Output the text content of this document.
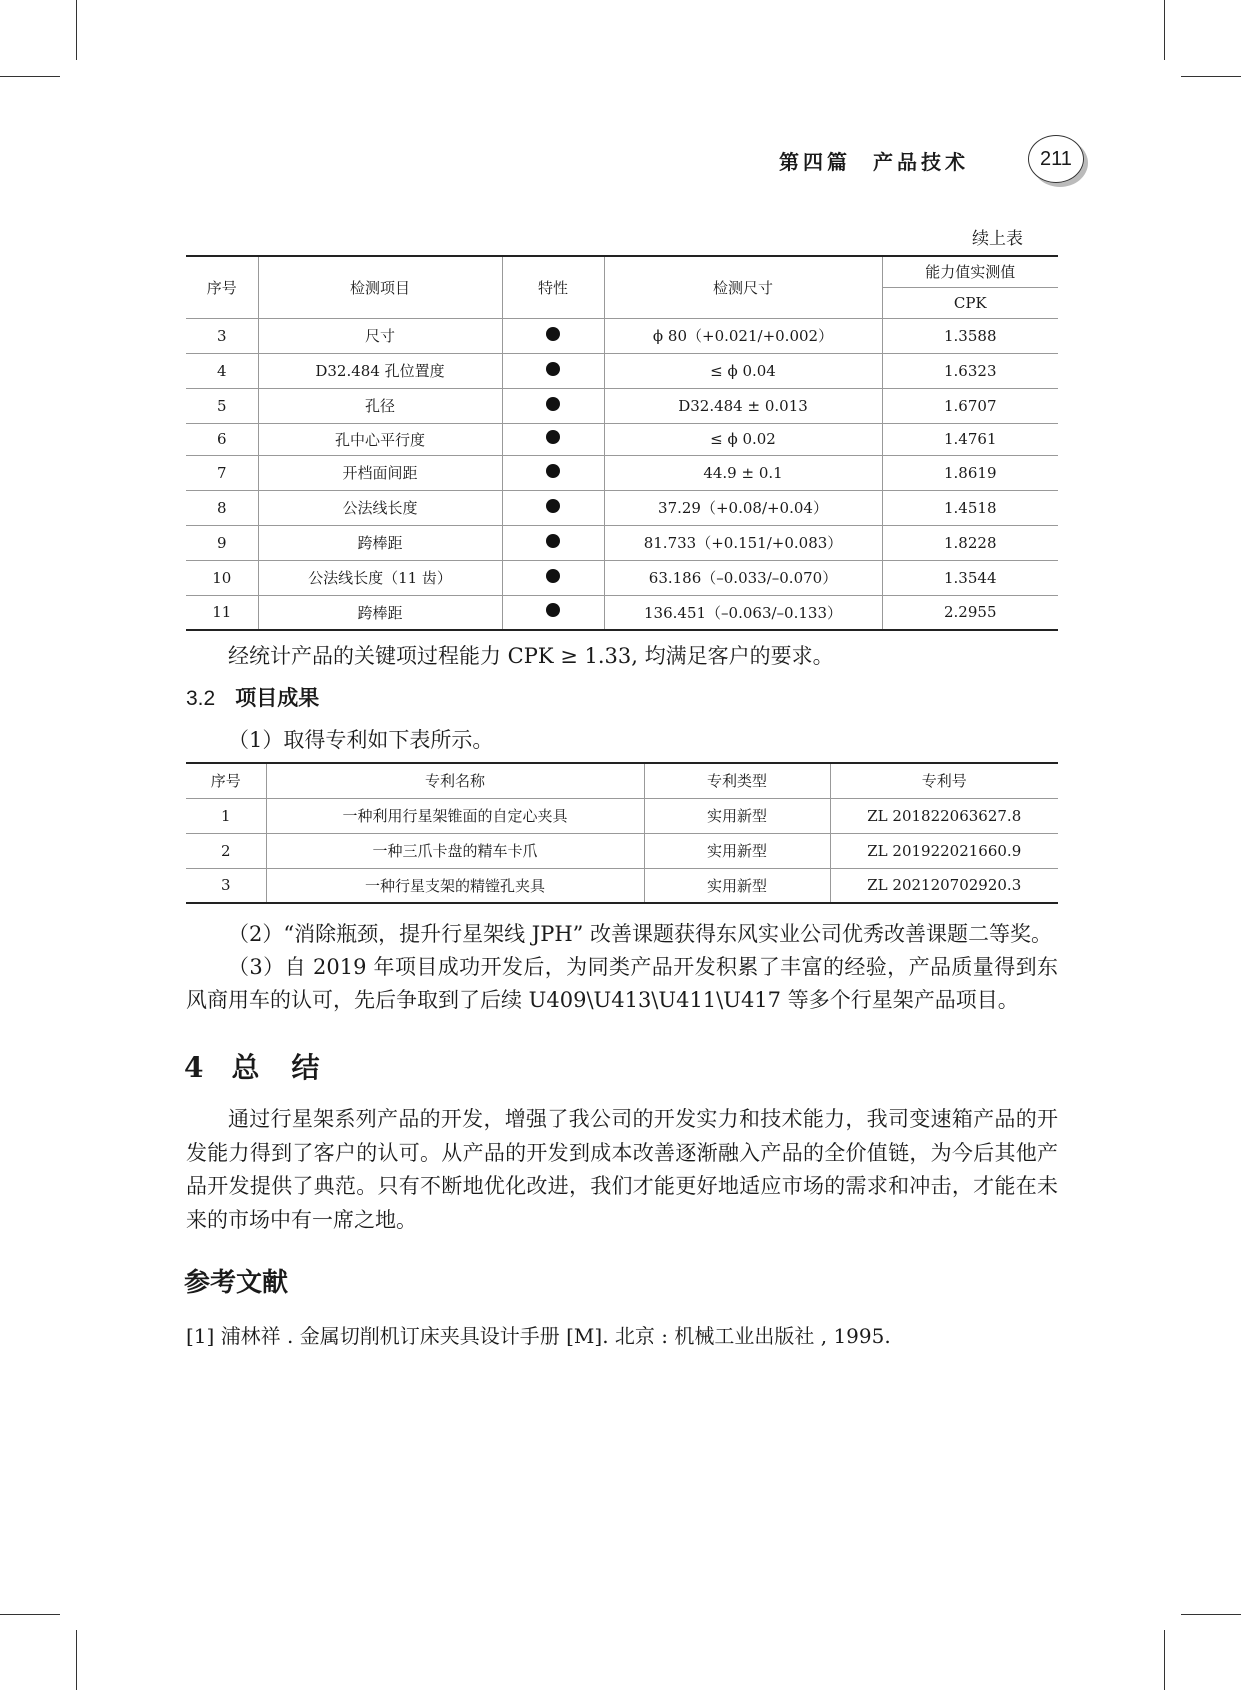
第四篇 产品技术	211
续上表
序号	检测项目	特性	检测尺寸	能力值实测值
				CPK
3	尺寸		ϕ 80（+0.021/+0.002）	1.3588
4	D32.484 孔位置度		≤ ϕ 0.04	1.6323
5	孔径		D32.484 ± 0.013	1.6707
6	孔中心平行度		≤ ϕ 0.02	1.4761
7	开档面间距		44.9 ± 0.1	1.8619
8	公法线长度		37.29（+0.08/+0.04）	1.4518
9	跨棒距		81.733（+0.151/+0.083）	1.8228
10	公法线长度（11 齿）		63.186（–0.033/–0.070）	1.3544
11	跨棒距		136.451（–0.063/–0.133）	2.2955
经统计产品的关键项过程能力 CPK ≥ 1.33, 均满足客户的要求。
3.2 项目成果
（1）取得专利如下表所示。
序号	专利名称	专利类型	专利号
1	一种利用行星架锥面的自定心夹具	实用新型	ZL 201822063627.8
2	一种三爪卡盘的精车卡爪	实用新型	ZL 201922021660.9
3	一种行星支架的精镗孔夹具	实用新型	ZL 202120702920.3
（2）“消除瓶颈，提升行星架线 JPH” 改善课题获得东风实业公司优秀改善课题二等奖。
（3）自 2019 年项目成功开发后，为同类产品开发积累了丰富的经验，产品质量得到东风商用车的认可，先后争取到了后续 U409\U413\U411\U417 等多个行星架产品项目。
4 总　结
通过行星架系列产品的开发，增强了我公司的开发实力和技术能力，我司变速箱产品的开发能力得到了客户的认可。从产品的开发到成本改善逐渐融入产品的全价值链，为今后其他产品开发提供了典范。只有不断地优化改进，我们才能更好地适应市场的需求和冲击，才能在未来的市场中有一席之地。
参考文献
[1] 浦林祥 . 金属切削机订床夹具设计手册 [M]. 北京 : 机械工业出版社 , 1995.
